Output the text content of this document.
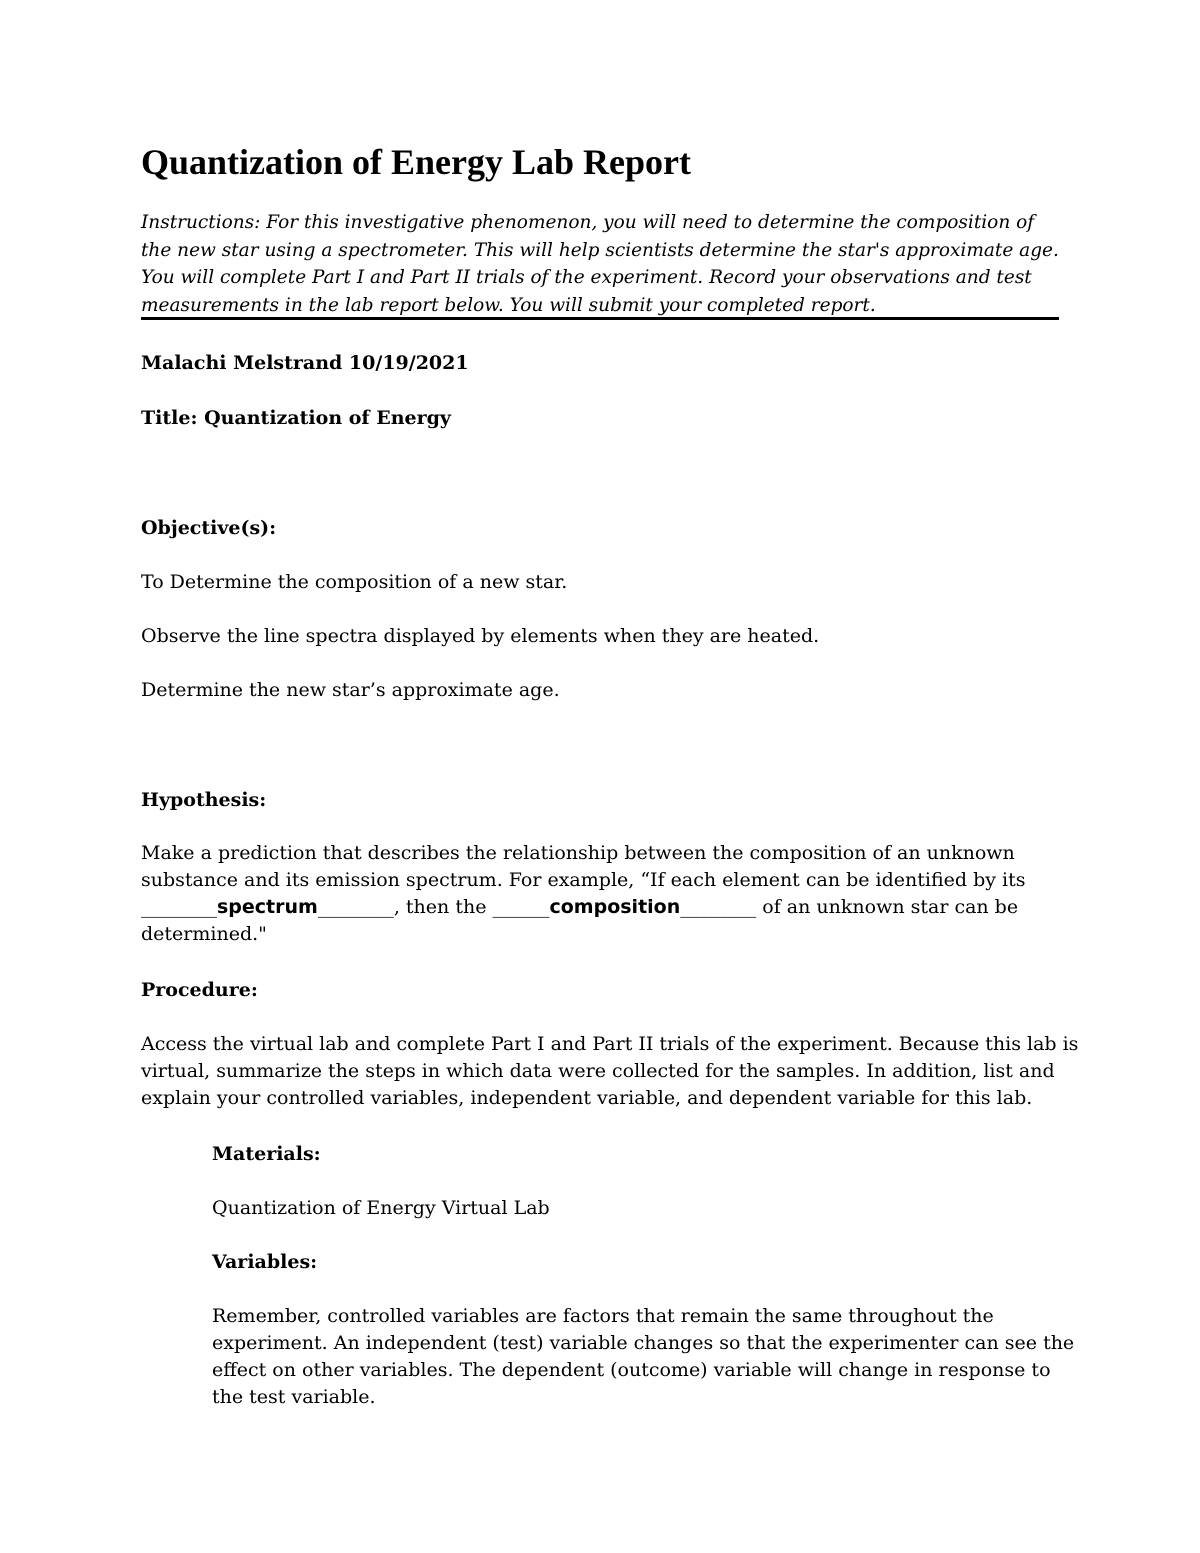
Quantization of Energy Lab Report
Instructions: For this investigative phenomenon, you will need to determine the composition of
the new star using a spectrometer. This will help scientists determine the star's approximate age.
You will complete Part I and Part II trials of the experiment. Record your observations and test
measurements in the lab report below. You will submit your completed report.

Malachi Melstrand 10/19/2021

Title: Quantization of Energy

Objective(s):

To Determine the composition of a new star.

Observe the line spectra displayed by elements when they are heated.

Determine the new star’s approximate age.

Hypothesis:

Make a prediction that describes the relationship between the composition of an unknown
substance and its emission spectrum. For example, “If each element can be identified by its
________spectrum________, then the ______composition________ of an unknown star can be
determined."

Procedure:

Access the virtual lab and complete Part I and Part II trials of the experiment. Because this lab is
virtual, summarize the steps in which data were collected for the samples. In addition, list and
explain your controlled variables, independent variable, and dependent variable for this lab.

Materials:

Quantization of Energy Virtual Lab

Variables:

Remember, controlled variables are factors that remain the same throughout the
experiment. An independent (test) variable changes so that the experimenter can see the
effect on other variables. The dependent (outcome) variable will change in response to
the test variable.
